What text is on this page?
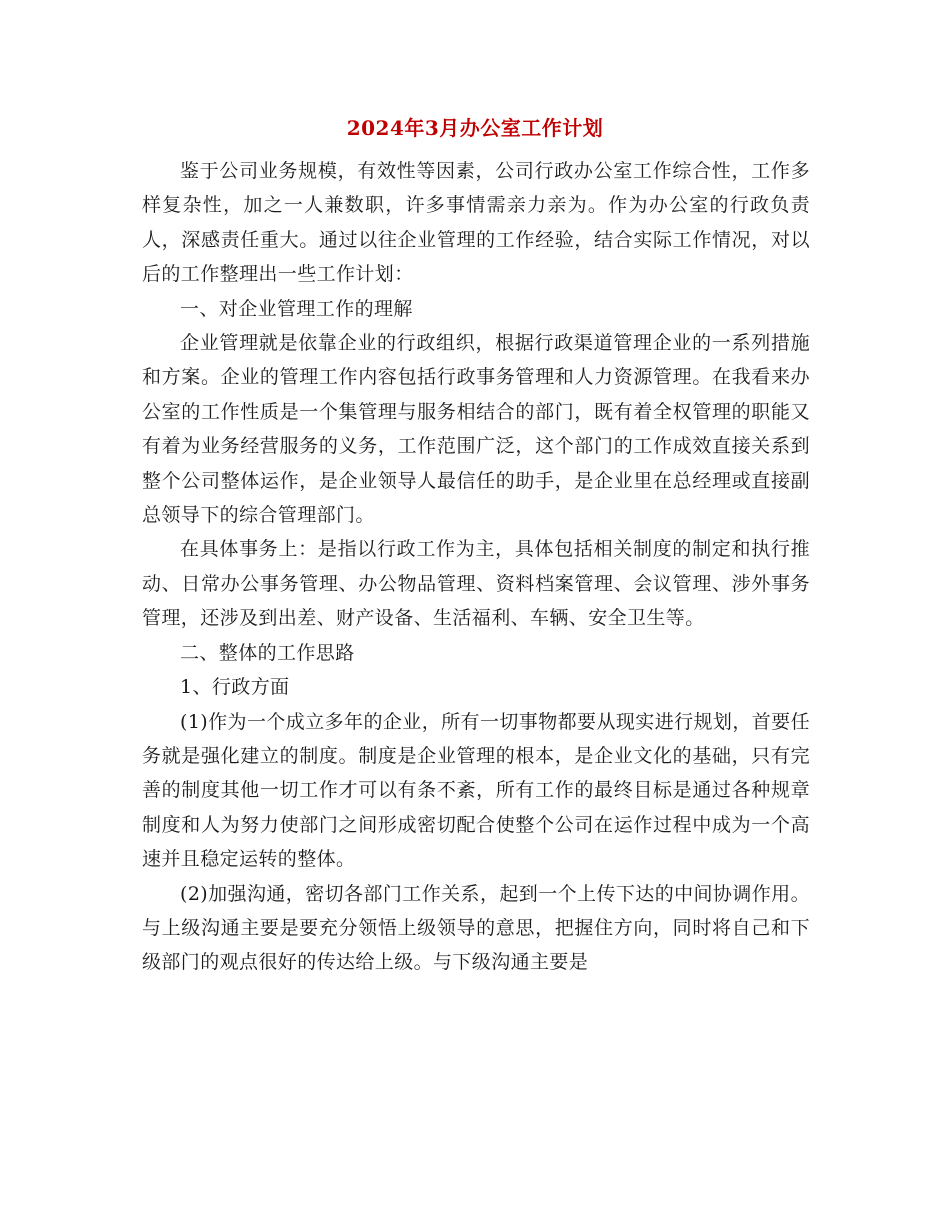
2024年3月办公室工作计划

鉴于公司业务规模，有效性等因素，公司行政办公室工作综合性，工作多样复杂性，加之一人兼数职，许多事情需亲力亲为。作为办公室的行政负责人，深感责任重大。通过以往企业管理的工作经验，结合实际工作情况，对以后的工作整理出一些工作计划：

一、对企业管理工作的理解

企业管理就是依靠企业的行政组织，根据行政渠道管理企业的一系列措施和方案。企业的管理工作内容包括行政事务管理和人力资源管理。在我看来办公室的工作性质是一个集管理与服务相结合的部门，既有着全权管理的职能又有着为业务经营服务的义务，工作范围广泛，这个部门的工作成效直接关系到整个公司整体运作，是企业领导人最信任的助手，是企业里在总经理或直接副总领导下的综合管理部门。

在具体事务上：是指以行政工作为主，具体包括相关制度的制定和执行推动、日常办公事务管理、办公物品管理、资料档案管理、会议管理、涉外事务管理，还涉及到出差、财产设备、生活福利、车辆、安全卫生等。

二、整体的工作思路

1、行政方面

(1)作为一个成立多年的企业，所有一切事物都要从现实进行规划，首要任务就是强化建立的制度。制度是企业管理的根本，是企业文化的基础，只有完善的制度其他一切工作才可以有条不紊，所有工作的最终目标是通过各种规章制度和人为努力使部门之间形成密切配合使整个公司在运作过程中成为一个高速并且稳定运转的整体。

(2)加强沟通，密切各部门工作关系，起到一个上传下达的中间协调作用。与上级沟通主要是要充分领悟上级领导的意思，把握住方向，同时将自己和下级部门的观点很好的传达给上级。与下级沟通主要是
